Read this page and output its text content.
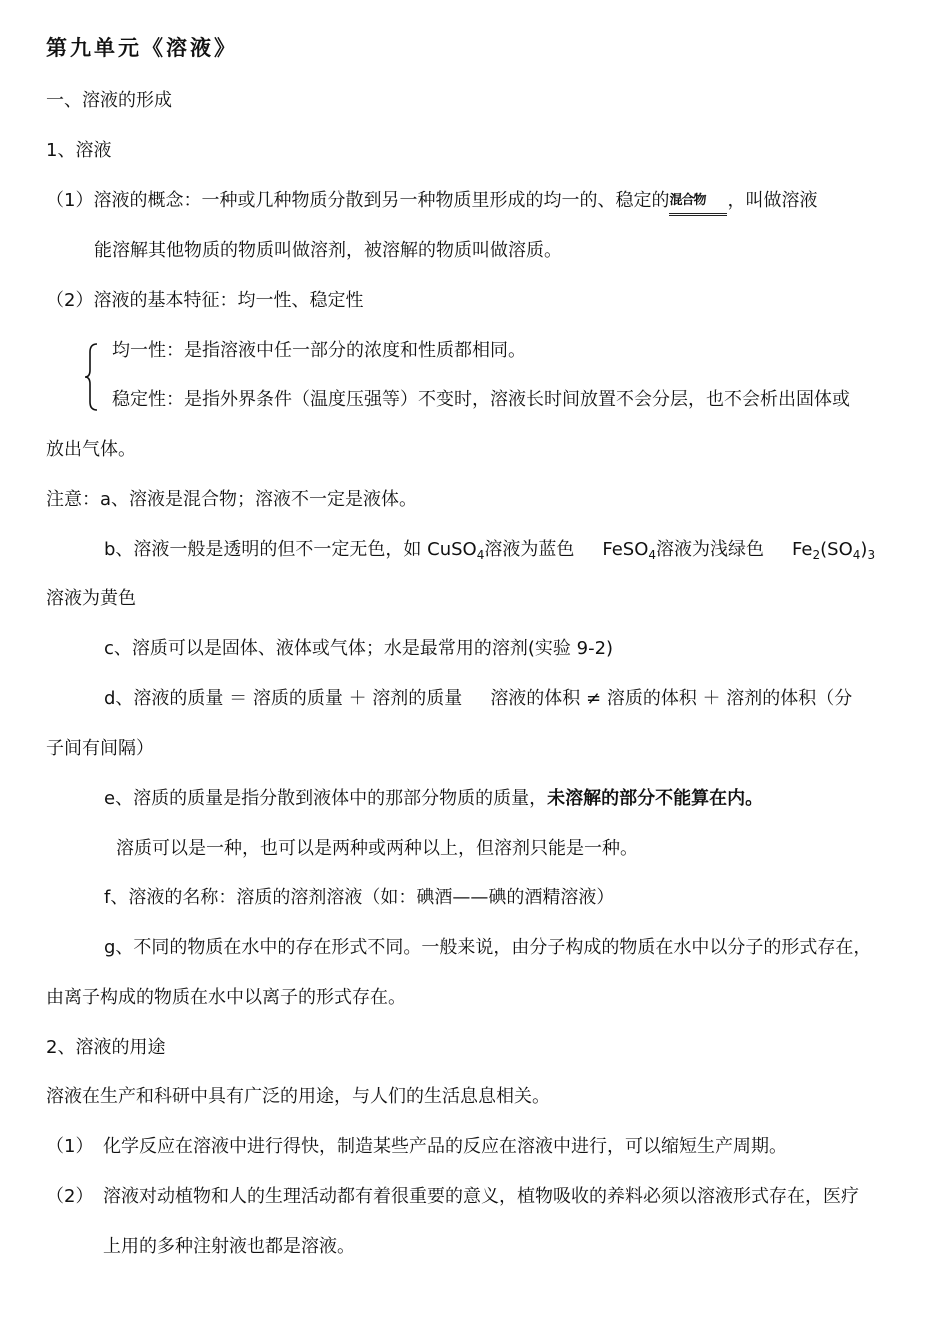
第九单元《溶液》
一、溶液的形成
1、溶液
（1）溶液的概念：一种或几种物质分散到另一种物质里形成的均一的、稳定的混合物 ，叫做溶液
能溶解其他物质的物质叫做溶剂，被溶解的物质叫做溶质。
（2）溶液的基本特征：均一性、稳定性
均一性：是指溶液中任一部分的浓度和性质都相同。
稳定性：是指外界条件（温度压强等）不变时，溶液长时间放置不会分层，也不会析出固体或
放出气体。
注意：a、溶液是混合物；溶液不一定是液体。
b、溶液一般是透明的但不一定无色，如 CuSO$_4$溶液为蓝色 FeSO$_4$溶液为浅绿色 $Fe_2(SO_4)_3$
溶液为黄色
c、溶质可以是固体、液体或气体；水是最常用的溶剂(实验 9-2)
d、溶液的质量 ＝ 溶质的质量 ＋ 溶剂的质量 溶液的体积 ≠ 溶质的体积 ＋ 溶剂的体积（分
子间有间隔）
e、溶质的质量是指分散到液体中的那部分物质的质量，未溶解的部分不能算在内。
溶质可以是一种，也可以是两种或两种以上，但溶剂只能是一种。
f、溶液的名称：溶质的溶剂溶液（如：碘酒——碘的酒精溶液）
g、不同的物质在水中的存在形式不同。一般来说，由分子构成的物质在水中以分子的形式存在，
由离子构成的物质在水中以离子的形式存在。
2、溶液的用途
溶液在生产和科研中具有广泛的用途，与人们的生活息息相关。
（1） 化学反应在溶液中进行得快，制造某些产品的反应在溶液中进行，可以缩短生产周期。
（2） 溶液对动植物和人的生理活动都有着很重要的意义，植物吸收的养料必须以溶液形式存在，医疗
上用的多种注射液也都是溶液。
